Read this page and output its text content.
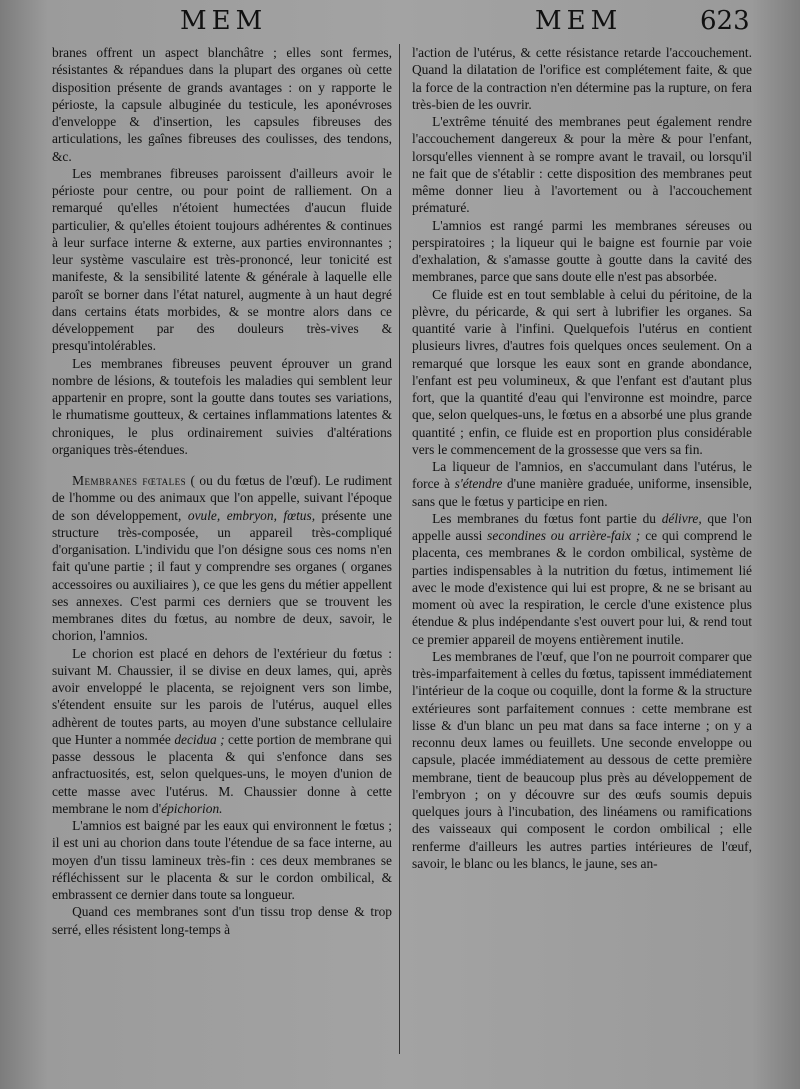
MEM	MEM	623

branes offrent un aspect blanchâtre ; elles sont fermes, résistantes & répandues dans la plupart des organes où cette disposition présente de grands avantages : on y rapporte le périoste, la capsule albuginée du testicule, les aponévroses d'enveloppe & d'insertion, les capsules fibreuses des articulations, les gaînes fibreuses des coulisses, des tendons, &c.

Les membranes fibreuses paroissent d'ailleurs avoir le périoste pour centre, ou pour point de ralliement. On a remarqué qu'elles n'étoient humectées d'aucun fluide particulier, & qu'elles étoient toujours adhérentes & continues à leur surface interne & externe, aux parties environnantes ; leur système vasculaire est très-prononcé, leur tonicité est manifeste, & la sensibilité latente & générale à laquelle elle paroît se borner dans l'état naturel, augmente à un haut degré dans certains états morbides, & se montre alors dans ce développement par des douleurs très-vives & presqu'intolérables.

Les membranes fibreuses peuvent éprouver un grand nombre de lésions, & toutefois les maladies qui semblent leur appartenir en propre, sont la goutte dans toutes ses variations, le rhumatisme goutteux, & certaines inflammations latentes & chroniques, le plus ordinairement suivies d'altérations organiques très-étendues.

Membranes fœtales ( ou du fœtus de l'œuf). Le rudiment de l'homme ou des animaux que l'on appelle, suivant l'époque de son développement, ovule, embryon, fœtus, présente une structure très-composée, un appareil très-compliqué d'organisation. L'individu que l'on désigne sous ces noms n'en fait qu'une partie ; il faut y comprendre ses organes ( organes accessoires ou auxiliaires ), ce que les gens du métier appellent ses annexes. C'est parmi ces derniers que se trouvent les membranes dites du fœtus, au nombre de deux, savoir, le chorion, l'amnios.

Le chorion est placé en dehors de l'extérieur du fœtus : suivant M. Chaussier, il se divise en deux lames, qui, après avoir enveloppé le placenta, se rejoignent vers son limbe, s'étendent ensuite sur les parois de l'utérus, auquel elles adhèrent de toutes parts, au moyen d'une substance cellulaire que Hunter a nommée decidua ; cette portion de membrane qui passe dessous le placenta & qui s'enfonce dans ses anfractuosités, est, selon quelques-uns, le moyen d'union de cette masse avec l'utérus. M. Chaussier donne à cette membrane le nom d'épichorion.

L'amnios est baigné par les eaux qui environnent le fœtus ; il est uni au chorion dans toute l'étendue de sa face interne, au moyen d'un tissu lamineux très-fin : ces deux membranes se réfléchissent sur le placenta & sur le cordon ombilical, & embrassent ce dernier dans toute sa longueur.

Quand ces membranes sont d'un tissu trop dense & trop serré, elles résistent long-temps à

l'action de l'utérus, & cette résistance retarde l'accouchement. Quand la dilatation de l'orifice est complétement faite, & que la force de la contraction n'en détermine pas la rupture, on fera très-bien de les ouvrir.

L'extrême ténuité des membranes peut également rendre l'accouchement dangereux & pour la mère & pour l'enfant, lorsqu'elles viennent à se rompre avant le travail, ou lorsqu'il ne fait que de s'établir : cette disposition des membranes peut même donner lieu à l'avortement ou à l'accouchement prématuré.

L'amnios est rangé parmi les membranes séreuses ou perspiratoires ; la liqueur qui le baigne est fournie par voie d'exhalation, & s'amasse goutte à goutte dans la cavité des membranes, parce que sans doute elle n'est pas absorbée.

Ce fluide est en tout semblable à celui du péritoine, de la plèvre, du péricarde, & qui sert à lubrifier les organes. Sa quantité varie à l'infini. Quelquefois l'utérus en contient plusieurs livres, d'autres fois quelques onces seulement. On a remarqué que lorsque les eaux sont en grande abondance, l'enfant est peu volumineux, & que l'enfant est d'autant plus fort, que la quantité d'eau qui l'environne est moindre, parce que, selon quelques-uns, le fœtus en a absorbé une plus grande quantité ; enfin, ce fluide est en proportion plus considérable vers le commencement de la grossesse que vers sa fin.

La liqueur de l'amnios, en s'accumulant dans l'utérus, le force à s'étendre d'une manière graduée, uniforme, insensible, sans que le fœtus y participe en rien.

Les membranes du fœtus font partie du délivre, que l'on appelle aussi secondines ou arrière-faix ; ce qui comprend le placenta, ces membranes & le cordon ombilical, système de parties indispensables à la nutrition du fœtus, intimement lié avec le mode d'existence qui lui est propre, & ne se brisant au moment où avec la respiration, le cercle d'une existence plus étendue & plus indépendante s'est ouvert pour lui, & rend tout ce premier appareil de moyens entièrement inutile.

Les membranes de l'œuf, que l'on ne pourroit comparer que très-imparfaitement à celles du fœtus, tapissent immédiatement l'intérieur de la coque ou coquille, dont la forme & la structure extérieures sont parfaitement connues : cette membrane est lisse & d'un blanc un peu mat dans sa face interne ; on y a reconnu deux lames ou feuillets. Une seconde enveloppe ou capsule, placée immédiatement au dessous de cette première membrane, tient de beaucoup plus près au développement de l'embryon ; on y découvre sur des œufs soumis depuis quelques jours à l'incubation, des linéamens ou ramifications des vaisseaux qui composent le cordon ombilical ; elle renferme d'ailleurs les autres parties intérieures de l'œuf, savoir, le blanc ou les blancs, le jaune, ses an-
